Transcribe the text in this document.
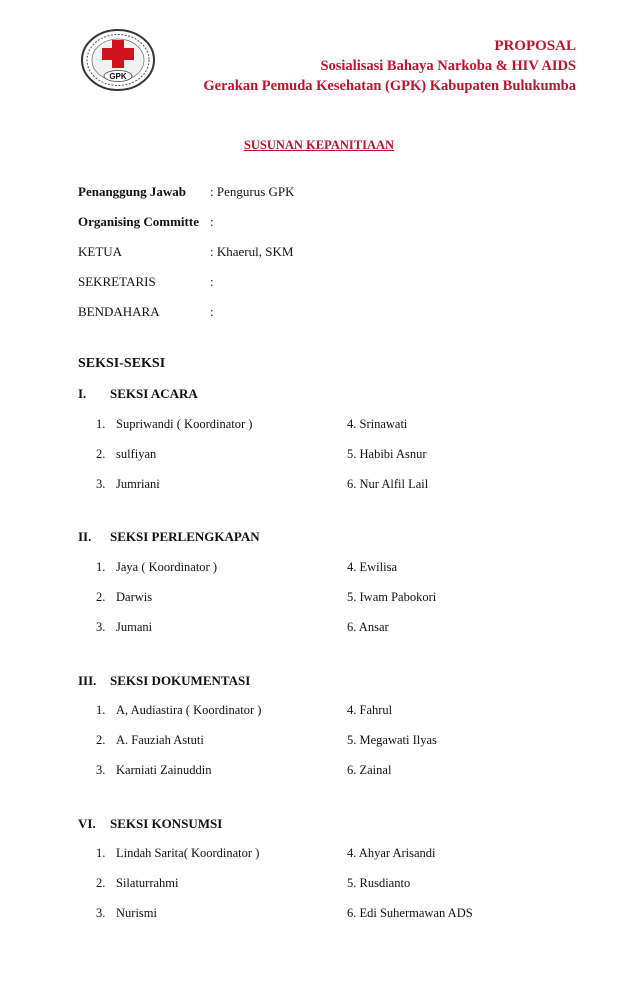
GPK
PROPOSAL
Sosialisasi Bahaya Narkoba & HIV AIDS
Gerakan Pemuda Kesehatan (GPK) Kabupaten Bulukumba
SUSUNAN KEPANITIAAN
Penanggung Jawab : Pengurus GPK
Organising Committe :
KETUA	: Khaerul, SKM
SEKRETARIS	:
BENDAHARA	:
SEKSI-SEKSI
I. SEKSI ACARA
1. Supriwandi ( Koordinator )
2. sulfiyan
3. Jumriani
4. Srinawati
5. Habibi Asnur
6. Nur Alfil Lail
II. SEKSI PERLENGKAPAN
1. Jaya ( Koordinator )
2. Darwis
3. Jumani
4. Ewilisa
5. Iwam Pabokori
6. Ansar
III. SEKSI DOKUMENTASI
1. A, Audiastira ( Koordinator )
2. A. Fauziah Astuti
3. Karniati Zainuddin
4. Fahrul
5. Megawati Ilyas
6. Zainal
VI. SEKSI KONSUMSI
1. Lindah Sarita( Koordinator )
2. Silaturrahmi
3. Nurismi
4. Ahyar Arisandi
5. Rusdianto
6. Edi Suhermawan ADS
